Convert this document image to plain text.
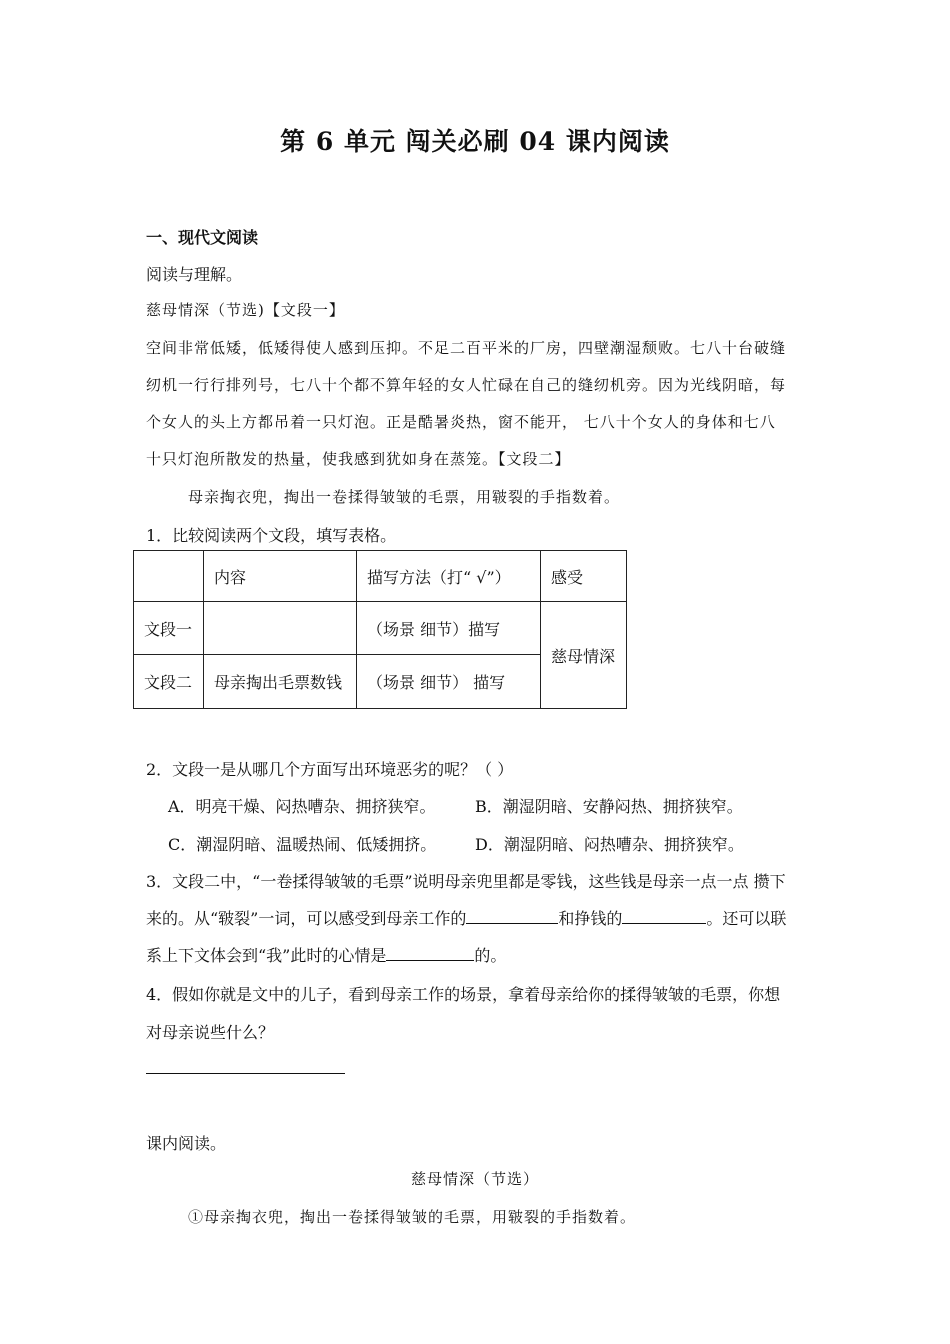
第 6 单元 闯关必刷 04 课内阅读
一、现代文阅读
阅读与理解。
慈母情深（节选)【文段一】
空间非常低矮，低矮得使人感到压抑。不足二百平米的厂房，四壁潮湿颓败。七八十台破缝
纫机一行行排列号，七八十个都不算年轻的女人忙碌在自己的缝纫机旁。因为光线阴暗，每
个女人的头上方都吊着一只灯泡。正是酷暑炎热，窗不能开， 七八十个女人的身体和七八
十只灯泡所散发的热量，使我感到犹如身在蒸笼。【文段二】
母亲掏衣兜，掏出一卷揉得皱皱的毛票，用皲裂的手指数着。
1．比较阅读两个文段，填写表格。
	内容	描写方法（打“ √”）	感受
文段一		（场景 细节）描写	慈母情深
文段二	母亲掏出毛票数钱	（场景 细节） 描写	
2．文段一是从哪几个方面写出环境恶劣的呢？（ ）
A．明亮干燥、闷热嘈杂、拥挤狭窄。 B．潮湿阴暗、安静闷热、拥挤狭窄。
C．潮湿阴暗、温暖热闹、低矮拥挤。 D．潮湿阴暗、闷热嘈杂、拥挤狭窄。
3．文段二中，“一卷揉得皱皱的毛票”说明母亲兜里都是零钱，这些钱是母亲一点一点 攒下
来的。从“皲裂”一词，可以感受到母亲工作的	和挣钱的	。还可以联
系上下文体会到“我”此时的心情是	的。
4．假如你就是文中的儿子，看到母亲工作的场景，拿着母亲给你的揉得皱皱的毛票，你想
对母亲说些什么？
课内阅读。
慈母情深（节选）
①母亲掏衣兜，掏出一卷揉得皱皱的毛票，用皲裂的手指数着。
